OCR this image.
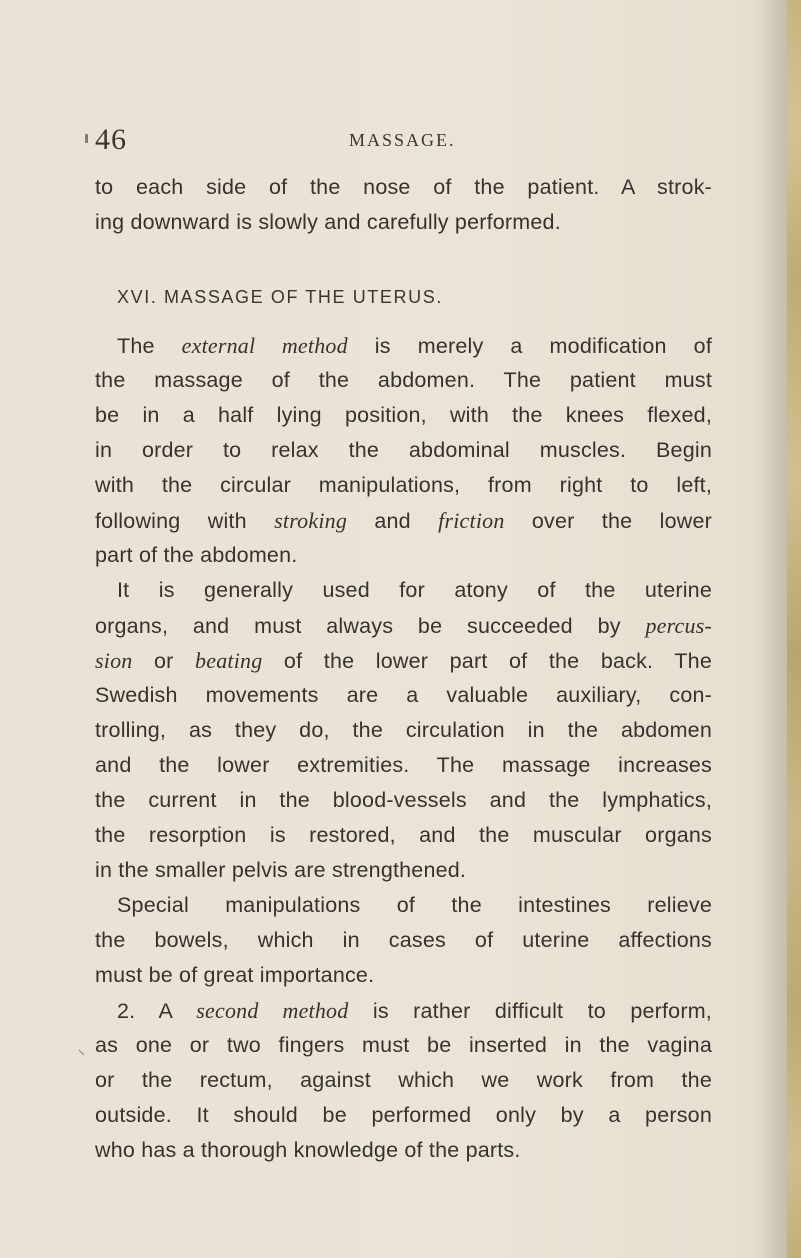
46	MASSAGE.
XVI. MASSAGE OF THE UTERUS.
to each side of the nose of the patient. A strok-
ing downward is slowly and carefully performed.
The external method is merely a modification of
the massage of the abdomen. The patient must
be in a half lying position, with the knees flexed,
in order to relax the abdominal muscles. Begin
with the circular manipulations, from right to left,
following with stroking and friction over the lower
part of the abdomen.
It is generally used for atony of the uterine
organs, and must always be succeeded by percus-
sion or beating of the lower part of the back. The
Swedish movements are a valuable auxiliary, con-
trolling, as they do, the circulation in the abdomen
and the lower extremities. The massage increases
the current in the blood-vessels and the lymphatics,
the resorption is restored, and the muscular organs
in the smaller pelvis are strengthened.
Special manipulations of the intestines relieve
the bowels, which in cases of uterine affections
must be of great importance.
2. A second method is rather difficult to perform,
as one or two fingers must be inserted in the vagina
or the rectum, against which we work from the
outside. It should be performed only by a person
who has a thorough knowledge of the parts.
